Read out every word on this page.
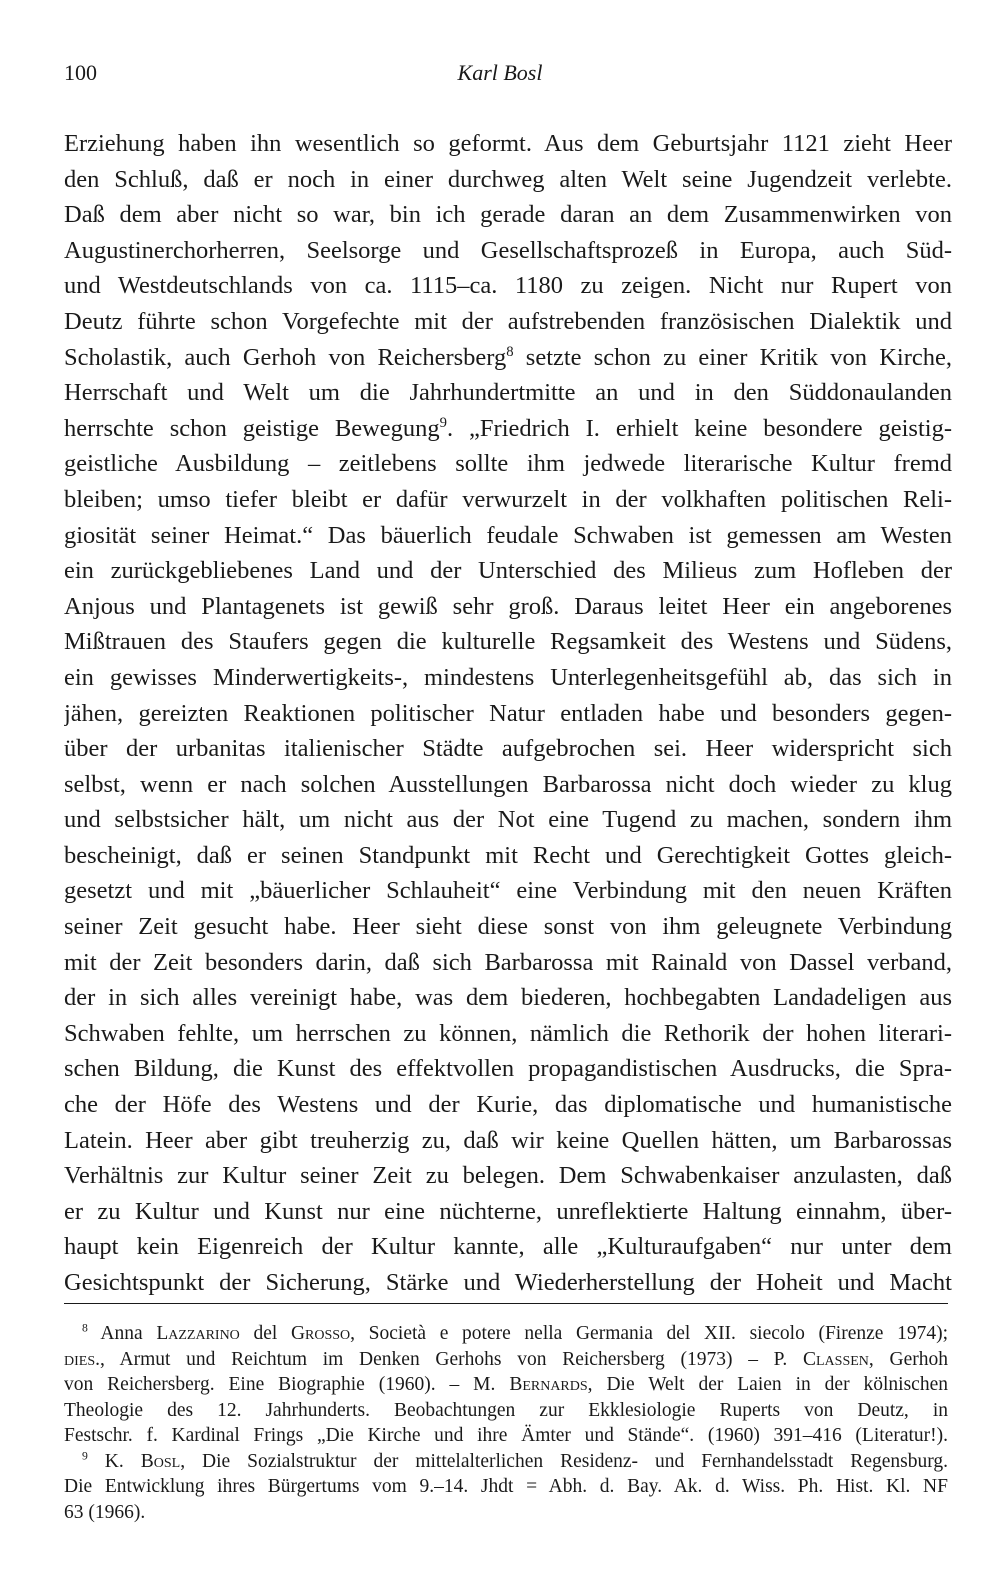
100	Karl Bosl
Erziehung haben ihn wesentlich so geformt. Aus dem Geburtsjahr 1121 zieht Heer
den Schluß, daß er noch in einer durchweg alten Welt seine Jugendzeit verlebte.
Daß dem aber nicht so war, bin ich gerade daran an dem Zusammenwirken von
Augustinerchorherren, Seelsorge und Gesellschaftsprozeß in Europa, auch Süd-
und Westdeutschlands von ca. 1115–ca. 1180 zu zeigen. Nicht nur Rupert von
Deutz führte schon Vorgefechte mit der aufstrebenden französischen Dialektik und
Scholastik, auch Gerhoh von Reichersberg$^8$ setzte schon zu einer Kritik von Kirche,
Herrschaft und Welt um die Jahrhundertmitte an und in den Süddonaulanden
herrschte schon geistige Bewegung$^9$. „Friedrich I. erhielt keine besondere geistig-
geistliche Ausbildung – zeitlebens sollte ihm jedwede literarische Kultur fremd
bleiben; umso tiefer bleibt er dafür verwurzelt in der volkhaften politischen Reli-
giosität seiner Heimat.“ Das bäuerlich feudale Schwaben ist gemessen am Westen
ein zurückgebliebenes Land und der Unterschied des Milieus zum Hofleben der
Anjous und Plantagenets ist gewiß sehr groß. Daraus leitet Heer ein angeborenes
Mißtrauen des Staufers gegen die kulturelle Regsamkeit des Westens und Südens,
ein gewisses Minderwertigkeits-, mindestens Unterlegenheitsgefühl ab, das sich in
jähen, gereizten Reaktionen politischer Natur entladen habe und besonders gegen-
über der urbanitas italienischer Städte aufgebrochen sei. Heer widerspricht sich
selbst, wenn er nach solchen Ausstellungen Barbarossa nicht doch wieder zu klug
und selbstsicher hält, um nicht aus der Not eine Tugend zu machen, sondern ihm
bescheinigt, daß er seinen Standpunkt mit Recht und Gerechtigkeit Gottes gleich-
gesetzt und mit „bäuerlicher Schlauheit“ eine Verbindung mit den neuen Kräften
seiner Zeit gesucht habe. Heer sieht diese sonst von ihm geleugnete Verbindung
mit der Zeit besonders darin, daß sich Barbarossa mit Rainald von Dassel verband,
der in sich alles vereinigt habe, was dem biederen, hochbegabten Landadeligen aus
Schwaben fehlte, um herrschen zu können, nämlich die Rethorik der hohen literari-
schen Bildung, die Kunst des effektvollen propagandistischen Ausdrucks, die Spra-
che der Höfe des Westens und der Kurie, das diplomatische und humanistische
Latein. Heer aber gibt treuherzig zu, daß wir keine Quellen hätten, um Barbarossas
Verhältnis zur Kultur seiner Zeit zu belegen. Dem Schwabenkaiser anzulasten, daß
er zu Kultur und Kunst nur eine nüchterne, unreflektierte Haltung einnahm, über-
haupt kein Eigenreich der Kultur kannte, alle „Kulturaufgaben“ nur unter dem
Gesichtspunkt der Sicherung, Stärke und Wiederherstellung der Hoheit und Macht
$^8$ Anna Lazzarino del Grosso, Società e potere nella Germania del XII. siecolo (Firenze 1974);
dies., Armut und Reichtum im Denken Gerhohs von Reichersberg (1973) – P. Classen, Gerhoh
von Reichersberg. Eine Biographie (1960). – M. Bernards, Die Welt der Laien in der kölnischen
Theologie des 12. Jahrhunderts. Beobachtungen zur Ekklesiologie Ruperts von Deutz, in
Festschr. f. Kardinal Frings „Die Kirche und ihre Ämter und Stände“. (1960) 391–416 (Literatur!).
$^9$ K. Bosl, Die Sozialstruktur der mittelalterlichen Residenz- und Fernhandelsstadt Regensburg.
Die Entwicklung ihres Bürgertums vom 9.–14. Jhdt = Abh. d. Bay. Ak. d. Wiss. Ph. Hist. Kl. NF
63 (1966).
